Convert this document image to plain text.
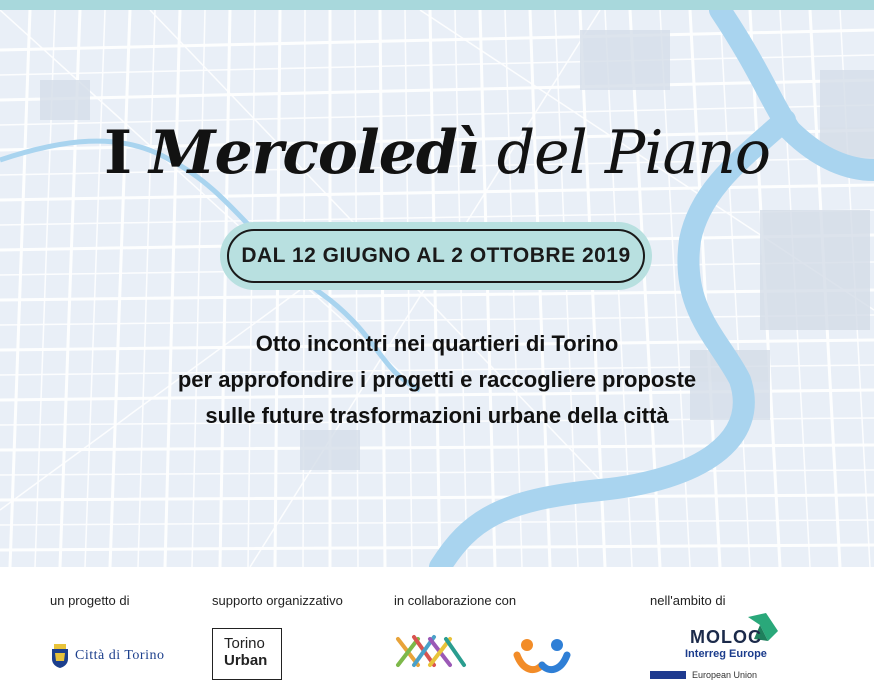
I Mercoledì del Piano
DAL 12 GIUGNO AL 2 OTTOBRE 2019
Otto incontri nei quartieri di Torino
per approfondire i progetti e raccogliere proposte
sulle future trasformazioni urbane della città
un progetto di	supporto organizzativo	in collaborazione con	nell'ambito di
Città di Torino
Torino
Urban
MOLOC
Interreg Europe
European Union
